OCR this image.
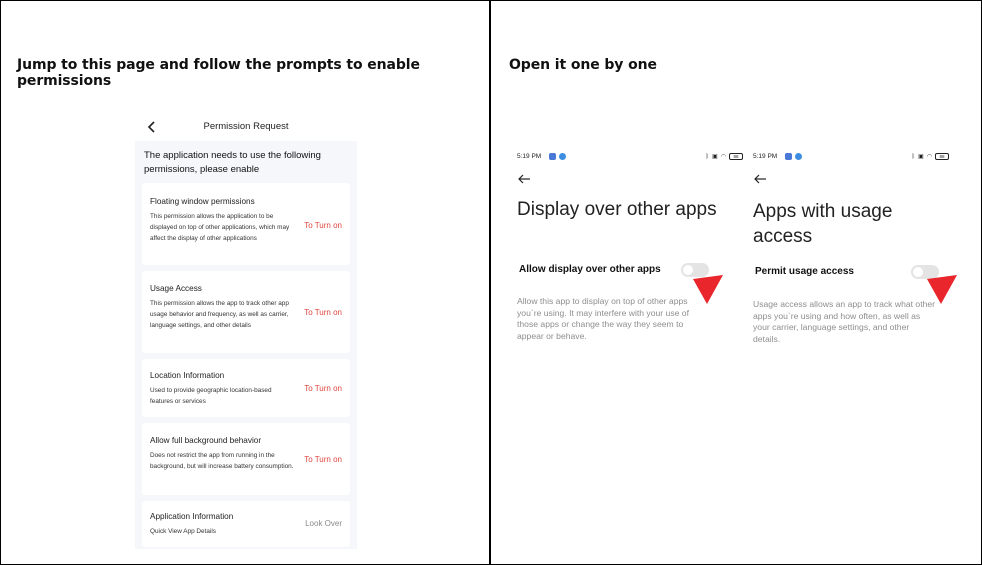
Jump to this page and follow the prompts to enable permissions
Permission Request
The application needs to use the following permissions, please enable
Floating window permissions
This permission allows the application to be displayed on top of other applications, which may affect the display of other applications
To Turn on
Usage Access
This permission allows the app to track other app usage behavior and frequency, as well as carrier, language settings, and other details
To Turn on
Location Information
Used to provide geographic location-based features or services
To Turn on
Allow full background behavior
Does not restrict the app from running in the background, but will increase battery consumption.
To Turn on
Application Information
Quick View App Details
Look Over
Open it one by one
5:19 PM	ᛒ ▣ ◠	88
Display over other apps
Allow display over other apps
Allow this app to display on top of other apps you`re using. It may interfere with your use of those apps or change the way they seem to appear or behave.
5:19 PM	ᛒ ▣ ◠	88
Apps with usage access
Permit usage access
Usage access allows an app to track what other apps you`re using and how often, as well as your carrier, language settings, and other details.
